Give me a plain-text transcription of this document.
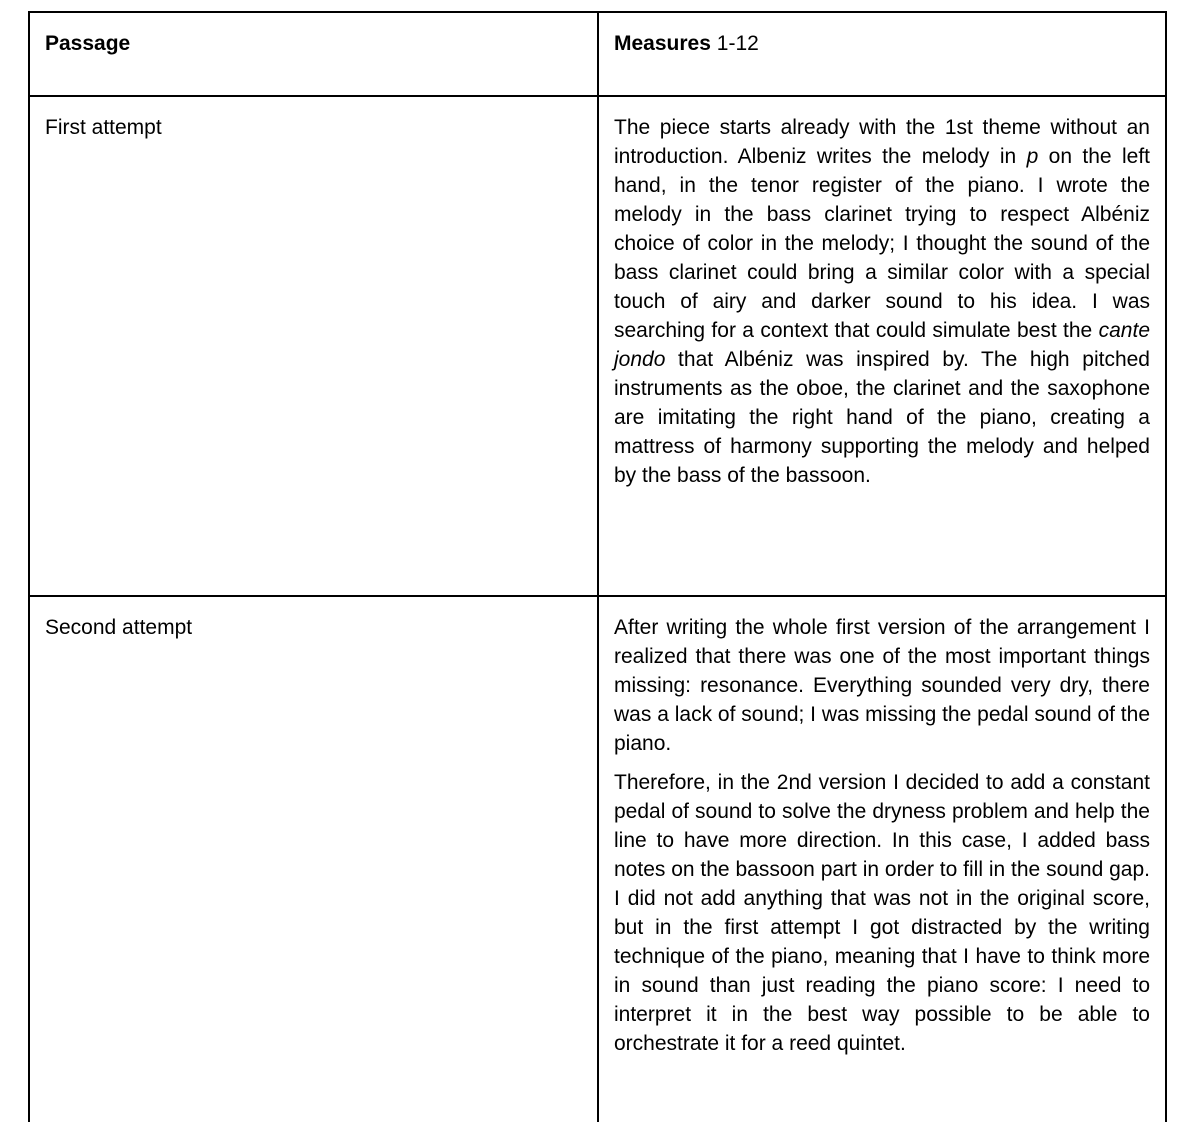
Passage	Measures 1-12
First attempt	The piece starts already with the 1st theme without an introduction. Albeniz writes the melody in p on the left hand, in the tenor register of the piano. I wrote the melody in the bass clarinet trying to respect Albéniz choice of color in the melody; I thought the sound of the bass clarinet could bring a similar color with a special touch of airy and darker sound to his idea. I was searching for a context that could simulate best the cante jondo that Albéniz was inspired by. The high pitched instruments as the oboe, the clarinet and the saxophone are imitating the right hand of the piano, creating a mattress of harmony supporting the melody and helped by the bass of the bassoon.

Second attempt	After writing the whole first version of the arrangement I realized that there was one of the most important things missing: resonance. Everything sounded very dry, there was a lack of sound; I was missing the pedal sound of the piano.

Therefore, in the 2nd version I decided to add a constant pedal of sound to solve the dryness problem and help the line to have more direction. In this case, I added bass notes on the bassoon part in order to fill in the sound gap. I did not add anything that was not in the original score, but in the first attempt I got distracted by the writing technique of the piano, meaning that I have to think more in sound than just reading the piano score: I need to interpret it in the best way possible to be able to orchestrate it for a reed quintet.
